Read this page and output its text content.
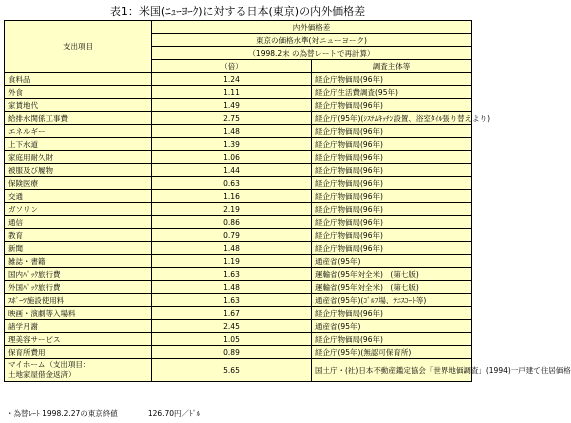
表1：米国(ﾆｭｰﾖｰｸ)に対する日本(東京)の内外価格差
支出項目	内外価格差	
	東京の価格水準(対ニューヨーク)	
	（1998.2末 の為替レートで再計算）	
	（倍）	調査主体等
食料品	1.24	経企庁物価局(96年)
外食	1.11	経企庁生活費調査(95年)
家賃地代	1.49	経企庁物価局(96年)
給排水関係工事費	2.75	経企庁(95年)(ｼｽﾃﾑｷｯﾁﾝ設置、浴室ﾀｲﾙ張り替えより)
エネルギー	1.48	経企庁物価局(96年)
上下水道	1.39	経企庁物価局(96年)
家庭用耐久財	1.06	経企庁物価局(96年)
被服及び履物	1.44	経企庁物価局(96年)
保険医療	0.63	経企庁物価局(96年)
交通	1.16	経企庁物価局(96年)
ガソリン	2.19	経企庁物価局(96年)
通信	0.86	経企庁物価局(96年)
教育	0.79	経企庁物価局(96年)
新聞	1.48	経企庁物価局(96年)
雑誌・書籍	1.19	通産省(95年)
国内ﾊﾟｯｸ旅行費	1.63	運輸省(95年対全米)　(第七版)
外国ﾊﾟｯｸ旅行費	1.48	運輸省(95年対全米)　(第七版)
ｽﾎﾟｰﾂ施設使用料	1.63	通産省(95年)(ｺﾞﾙﾌ場、ﾃﾆｽｺｰﾄ等)
映画・演劇等入場料	1.67	経企庁物価局(96年)
諸学月謝	2.45	通産省(95年)
理美容サービス	1.05	経企庁物価局(96年)
保育所費用	0.89	経企庁(95年)(無認可保育所)

マイホーム（支出項目：
土地家屋借金返済）	5.65	国土庁・(社)日本不動産鑑定協会「世界地価調査」(1994)一戸建て住居価格
・為替ﾚｰﾄ 1998.2.27の東京終値	126.70円／ﾄﾞﾙ
